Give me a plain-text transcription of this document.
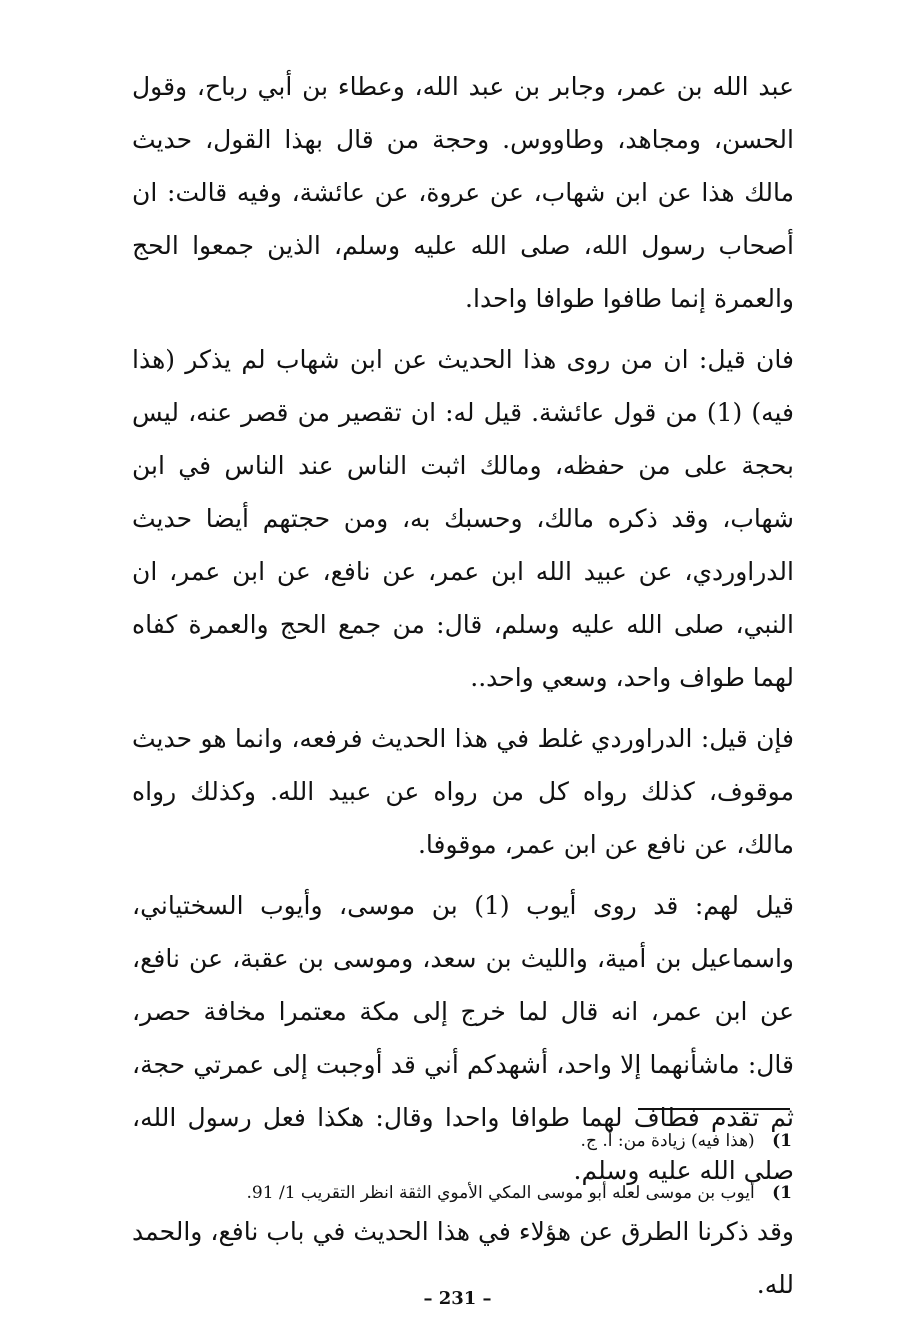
عبد الله بن عمر، وجابر بن عبد الله، وعطاء بن أبي رباح، وقول الحسن، ومجاهد، وطاووس. وحجة من قال بهذا القول، حديث مالك هذا عن ابن شهاب، عن عروة، عن عائشة، وفيه قالت: ان أصحاب رسول الله، صلى الله عليه وسلم، الذين جمعوا الحج والعمرة إنما طافوا طوافا واحدا.

فان قيل: ان من روى هذا الحديث عن ابن شهاب لم يذكر (هذا فيه) (1) من قول عائشة. قيل له: ان تقصير من قصر عنه، ليس بحجة على من حفظه، ومالك اثبت الناس عند الناس في ابن شهاب، وقد ذكره مالك، وحسبك به، ومن حجتهم أيضا حديث الدراوردي، عن عبيد الله ابن عمر، عن نافع، عن ابن عمر، ان النبي، صلى الله عليه وسلم، قال: من جمع الحج والعمرة كفاه لهما طواف واحد، وسعي واحد..

فإن قيل: الدراوردي غلط في هذا الحديث فرفعه، وانما هو حديث موقوف، كذلك رواه كل من رواه عن عبيد الله. وكذلك رواه مالك، عن نافع عن ابن عمر، موقوفا.

قيل لهم: قد روى أيوب (1) بن موسى، وأيوب السختياني، واسماعيل بن أمية، والليث بن سعد، وموسى بن عقبة، عن نافع، عن ابن عمر، انه قال لما خرج إلى مكة معتمرا مخافة حصر، قال: ماشأنهما إلا واحد، أشهدكم أني قد أوجبت إلى عمرتي حجة، ثم تقدم فطاف لهما طوافا واحدا وقال: هكذا فعل رسول الله، صلى الله عليه وسلم.

وقد ذكرنا الطرق عن هؤلاء في هذا الحديث في باب نافع، والحمد لله.

1) (هذا فيه) زيادة من: أ. ج.
1) أيوب بن موسى لعله أبو موسى المكي الأموي الثقة انظر التقريب 1/ 91.
– 231 –
